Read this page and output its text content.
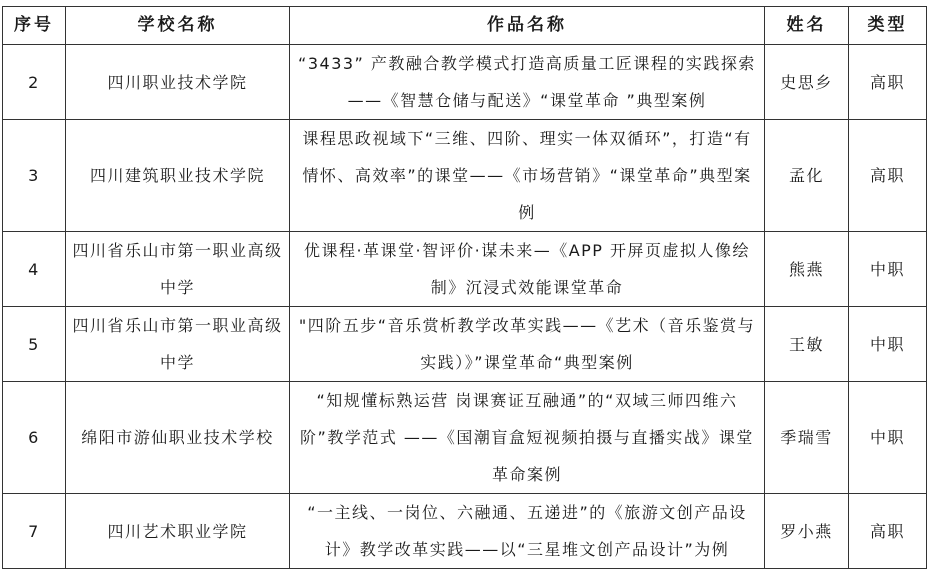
序号	学校名称	作品名称	姓名	类型
2	四川职业技术学院	“3433” 产教融合教学模式打造高质量工匠课程的实践探索 ——《智慧仓储与配送》“课堂革命 ”典型案例	史思乡	高职
3	四川建筑职业技术学院	课程思政视域下“三维、四阶、理实一体双循环”，打造“有情怀、高效率”的课堂——《市场营销》“课堂革命”典型案例	孟化	高职
4	四川省乐山市第一职业高级中学	优课程·革课堂·智评价·谋未来—《APP 开屏页虚拟人像绘制》沉浸式效能课堂革命	熊燕	中职
5	四川省乐山市第一职业高级中学	"四阶五步“音乐赏析教学改革实践——《艺术（音乐鉴赏与实践）》”课堂革命“典型案例	王敏	中职
6	绵阳市游仙职业技术学校	“知规懂标熟运营 岗课赛证互融通”的“双域三师四维六阶”教学范式 ——《国潮盲盒短视频拍摄与直播实战》课堂革命案例	季瑞雪	中职
7	四川艺术职业学院	“一主线、一岗位、六融通、五递进”的《旅游文创产品设计》教学改革实践——以“三星堆文创产品设计”为例	罗小燕	高职
